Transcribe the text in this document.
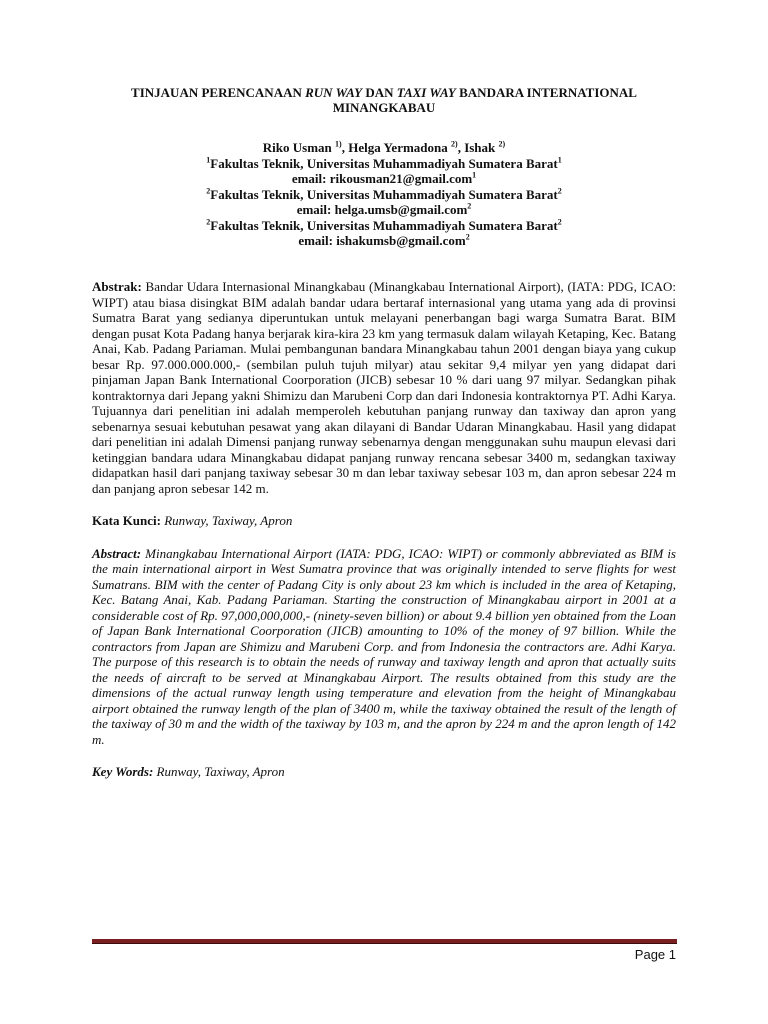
TINJAUAN PERENCANAAN RUN WAY DAN TAXI WAY BANDARA INTERNATIONAL MINANGKABAU
Riko Usman $^{1)}$, Helga Yermadona $^{2)}$, Ishak $^{2)}$
$^1$Fakultas Teknik, Universitas Muhammadiyah Sumatera Barat$^1$
email: rikousman21@gmail.com$^1$
$^2$Fakultas Teknik, Universitas Muhammadiyah Sumatera Barat$^2$
email: helga.umsb@gmail.com$^2$
$^2$Fakultas Teknik, Universitas Muhammadiyah Sumatera Barat$^2$
email: ishakumsb@gmail.com$^2$

Abstrak: Bandar Udara Internasional Minangkabau (Minangkabau International Airport), (IATA: PDG, ICAO: WIPT) atau biasa disingkat BIM adalah bandar udara bertaraf internasional yang utama yang ada di provinsi Sumatra Barat yang sedianya diperuntukan untuk melayani penerbangan bagi warga Sumatra Barat. BIM dengan pusat Kota Padang hanya berjarak kira-kira 23 km yang termasuk dalam wilayah Ketaping, Kec. Batang Anai, Kab. Padang Pariaman. Mulai pembangunan bandara Minangkabau tahun 2001 dengan biaya yang cukup besar Rp. 97.000.000.000,- (sembilan puluh tujuh milyar) atau sekitar 9,4 milyar yen yang didapat dari pinjaman Japan Bank International Coorporation (JICB) sebesar 10 % dari uang 97 milyar. Sedangkan pihak kontraktornya dari Jepang yakni Shimizu dan Marubeni Corp dan dari Indonesia kontraktornya PT. Adhi Karya. Tujuannya dari penelitian ini adalah memperoleh kebutuhan panjang runway dan taxiway dan apron yang sebenarnya sesuai kebutuhan pesawat yang akan dilayani di Bandar Udaran Minangkabau. Hasil yang didapat dari penelitian ini adalah Dimensi panjang runway sebenarnya dengan menggunakan suhu maupun elevasi dari ketinggian bandara udara Minangkabau didapat panjang runway rencana sebesar 3400 m, sedangkan taxiway didapatkan hasil dari panjang taxiway sebesar 30 m dan lebar taxiway sebesar 103 m, dan apron sebesar 224 m dan panjang apron sebesar 142 m.

Kata Kunci: Runway, Taxiway, Apron

Abstract: Minangkabau International Airport (IATA: PDG, ICAO: WIPT) or commonly abbreviated as BIM is the main international airport in West Sumatra province that was originally intended to serve flights for west Sumatrans. BIM with the center of Padang City is only about 23 km which is included in the area of Ketaping, Kec. Batang Anai, Kab. Padang Pariaman. Starting the construction of Minangkabau airport in 2001 at a considerable cost of Rp. 97,000,000,000,- (ninety-seven billion) or about 9.4 billion yen obtained from the Loan of Japan Bank International Coorporation (JICB) amounting to 10% of the money of 97 billion. While the contractors from Japan are Shimizu and Marubeni Corp. and from Indonesia the contractors are. Adhi Karya. The purpose of this research is to obtain the needs of runway and taxiway length and apron that actually suits the needs of aircraft to be served at Minangkabau Airport. The results obtained from this study are the dimensions of the actual runway length using temperature and elevation from the height of Minangkabau airport obtained the runway length of the plan of 3400 m, while the taxiway obtained the result of the length of the taxiway of 30 m and the width of the taxiway by 103 m, and the apron by 224 m and the apron length of 142 m.

Key Words: Runway, Taxiway, Apron

Page 1
